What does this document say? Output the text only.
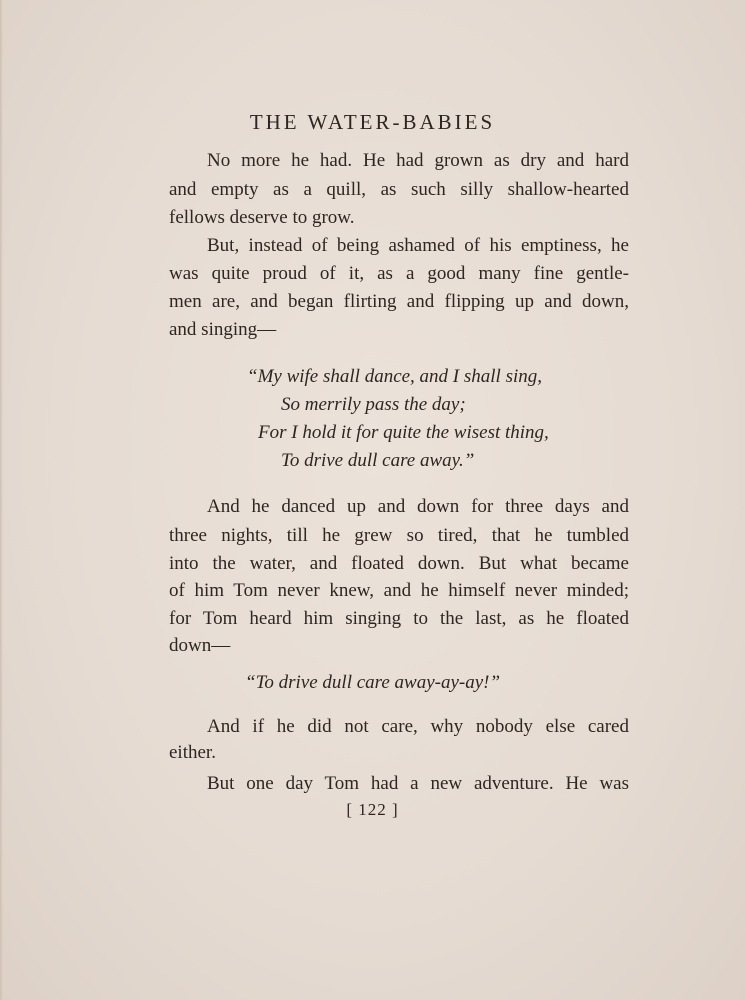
THE WATER-BABIES
No more he had. He had grown as dry and hard
and empty as a quill, as such silly shallow-hearted
fellows deserve to grow.
But, instead of being ashamed of his emptiness, he
was quite proud of it, as a good many fine gentle-
men are, and began flirting and flipping up and down,
and singing—
“My wife shall dance, and I shall sing,
So merrily pass the day;
For I hold it for quite the wisest thing,
To drive dull care away.”
And he danced up and down for three days and
three nights, till he grew so tired, that he tumbled
into the water, and floated down. But what became
of him Tom never knew, and he himself never minded;
for Tom heard him singing to the last, as he floated
down—
“To drive dull care away-ay-ay!”
And if he did not care, why nobody else cared
either.
But one day Tom had a new adventure. He was
[ 122 ]
